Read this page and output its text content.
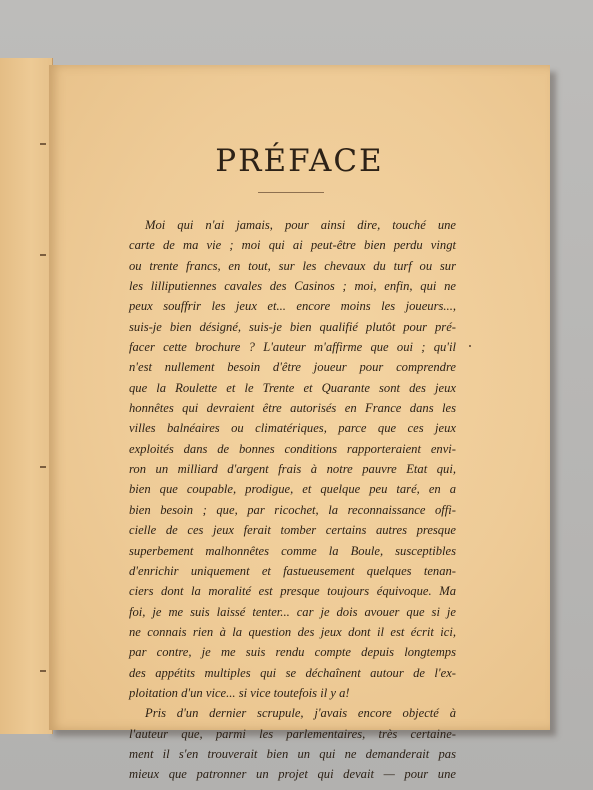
PRÉFACE
Moi qui n'ai jamais, pour ainsi dire, touché une
carte de ma vie ; moi qui ai peut-être bien perdu vingt
ou trente francs, en tout, sur les chevaux du turf ou sur
les lilliputiennes cavales des Casinos ; moi, enfin, qui ne
peux souffrir les jeux et... encore moins les joueurs...,
suis-je bien désigné, suis-je bien qualifié plutôt pour pré-
facer cette brochure ? L'auteur m'affirme que oui ; qu'il
n'est nullement besoin d'être joueur pour comprendre
que la Roulette et le Trente et Quarante sont des jeux
honnêtes qui devraient être autorisés en France dans les
villes balnéaires ou climatériques, parce que ces jeux
exploités dans de bonnes conditions rapporteraient envi-
ron un milliard d'argent frais à notre pauvre Etat qui,
bien que coupable, prodigue, et quelque peu taré, en a
bien besoin ; que, par ricochet, la reconnaissance offi-
cielle de ces jeux ferait tomber certains autres presque
superbement malhonnêtes comme la Boule, susceptibles
d'enrichir uniquement et fastueusement quelques tenan-
ciers dont la moralité est presque toujours équivoque. Ma
foi, je me suis laissé tenter... car je dois avouer que si je
ne connais rien à la question des jeux dont il est écrit ici,
par contre, je me suis rendu compte depuis longtemps
des appétits multiples qui se déchaînent autour de l'ex-
ploitation d'un vice... si vice toutefois il y a!
Pris d'un dernier scrupule, j'avais encore objecté à
l'auteur que, parmi les parlementaires, très certaine-
ment il s'en trouverait bien un qui ne demanderait pas
mieux que patronner un projet qui devait — pour une
